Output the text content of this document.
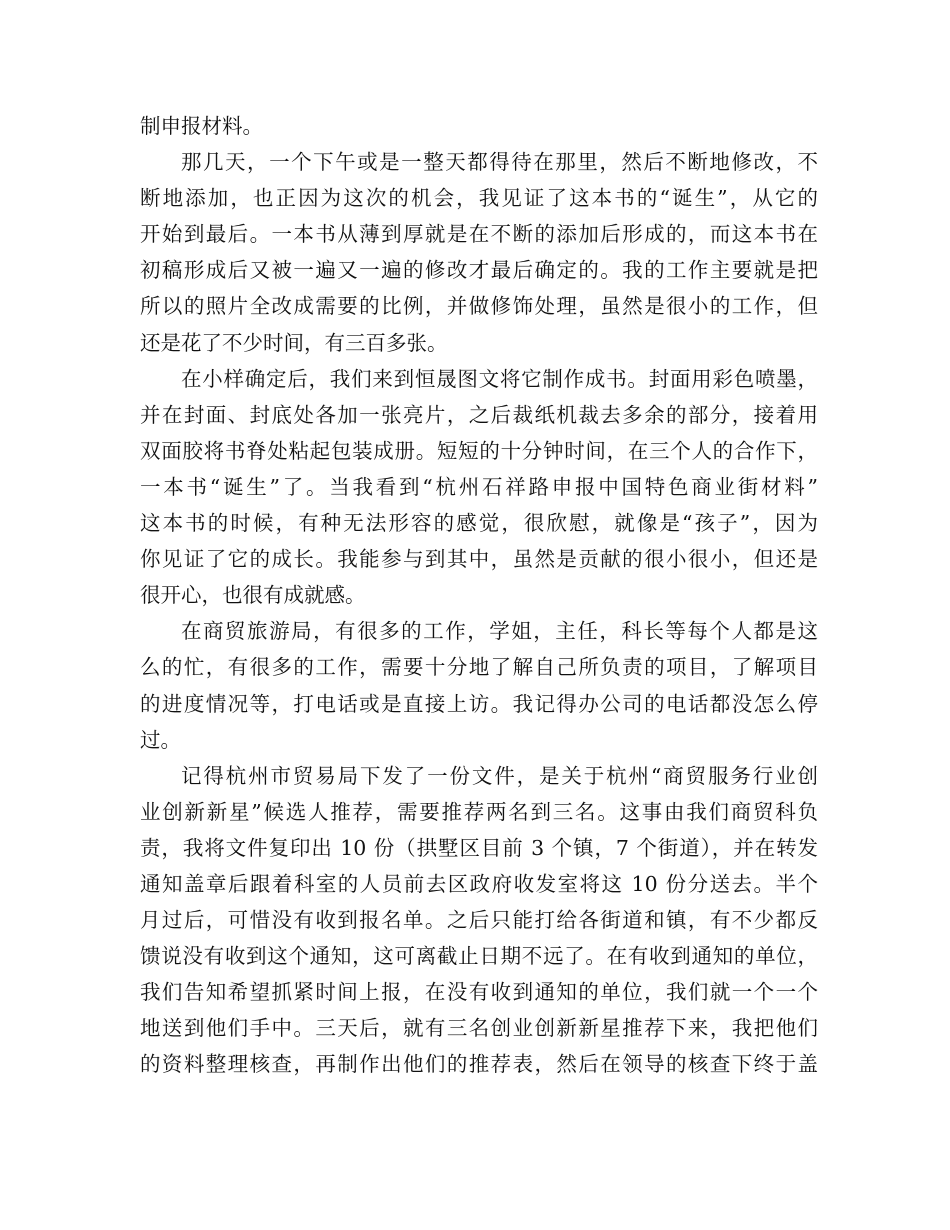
制申报材料。
那几天，一个下午或是一整天都得待在那里，然后不断地修改，不
断地添加，也正因为这次的机会，我见证了这本书的“诞生”，从它的
开始到最后。一本书从薄到厚就是在不断的添加后形成的，而这本书在
初稿形成后又被一遍又一遍的修改才最后确定的。我的工作主要就是把
所以的照片全改成需要的比例，并做修饰处理，虽然是很小的工作，但
还是花了不少时间，有三百多张。
在小样确定后，我们来到恒晟图文将它制作成书。封面用彩色喷墨，
并在封面、封底处各加一张亮片，之后裁纸机裁去多余的部分，接着用
双面胶将书脊处粘起包装成册。短短的十分钟时间，在三个人的合作下，
一本书“诞生”了。当我看到“杭州石祥路申报中国特色商业街材料”
这本书的时候，有种无法形容的感觉，很欣慰，就像是“孩子”，因为
你见证了它的成长。我能参与到其中，虽然是贡献的很小很小，但还是
很开心，也很有成就感。
在商贸旅游局，有很多的工作，学姐，主任，科长等每个人都是这
么的忙，有很多的工作，需要十分地了解自己所负责的项目，了解项目
的进度情况等，打电话或是直接上访。我记得办公司的电话都没怎么停
过。
记得杭州市贸易局下发了一份文件，是关于杭州“商贸服务行业创
业创新新星”候选人推荐，需要推荐两名到三名。这事由我们商贸科负
责，我将文件复印出 10 份（拱墅区目前 3 个镇，7 个街道），并在转发
通知盖章后跟着科室的人员前去区政府收发室将这 10 份分送去。半个
月过后，可惜没有收到报名单。之后只能打给各街道和镇，有不少都反
馈说没有收到这个通知，这可离截止日期不远了。在有收到通知的单位，
我们告知希望抓紧时间上报，在没有收到通知的单位，我们就一个一个
地送到他们手中。三天后，就有三名创业创新新星推荐下来，我把他们
的资料整理核查，再制作出他们的推荐表，然后在领导的核查下终于盖
